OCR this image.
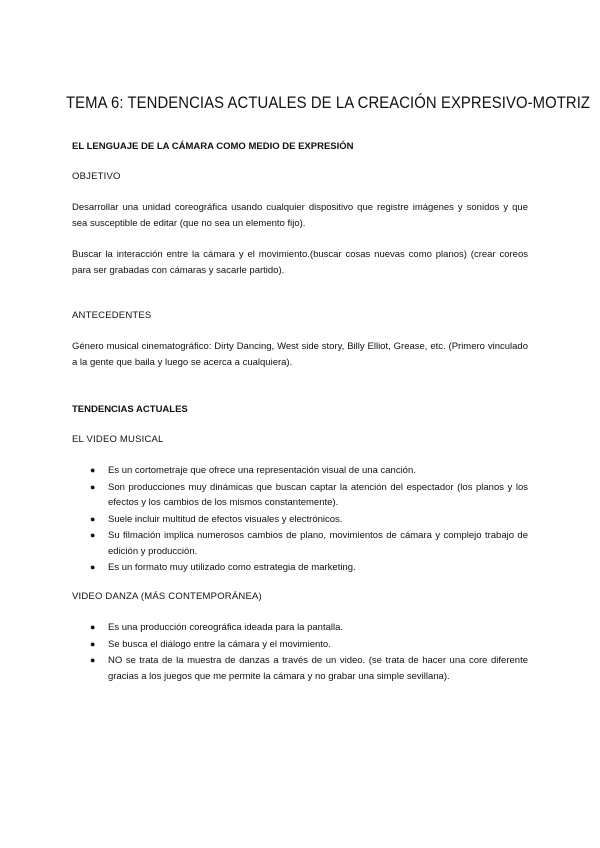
TEMA 6: TENDENCIAS ACTUALES DE LA CREACIÓN EXPRESIVO-MOTRIZ
EL LENGUAJE DE LA CÁMARA COMO MEDIO DE EXPRESIÓN
OBJETIVO
Desarrollar una unidad coreográfica usando cualquier dispositivo que registre imágenes y sonidos y que sea susceptible de editar (que no sea un elemento fijo).
Buscar la interacción entre la cámara y el movimiento.(buscar cosas nuevas como planos) (crear coreos para ser grabadas con cámaras y sacarle partido).
ANTECEDENTES
Género musical cinematográfico: Dirty Dancing, West side story, Billy Elliot, Grease, etc. (Primero vinculado a la gente que baila y luego se acerca a cualquiera).
TENDENCIAS ACTUALES
EL VIDEO MUSICAL
● Es un cortometraje que ofrece una representación visual de una canción.
● Son producciones muy dinámicas que buscan captar la atención del espectador (los planos y los efectos y los cambios de los mismos constantemente).
● Suele incluir multitud de efectos visuales y electrónicos.
● Su filmación implica numerosos cambios de plano, movimientos de cámara y complejo trabajo de edición y producción.
● Es un formato muy utilizado como estrategia de marketing.
VIDEO DANZA (MÁS CONTEMPORÁNEA)
● Es una producción coreográfica ideada para la pantalla.
● Se busca el diálogo entre la cámara y el movimiento.
● NO se trata de la muestra de danzas a través de un video. (se trata de hacer una core diferente gracias a los juegos que me permite la cámara y no grabar una simple sevillana).
